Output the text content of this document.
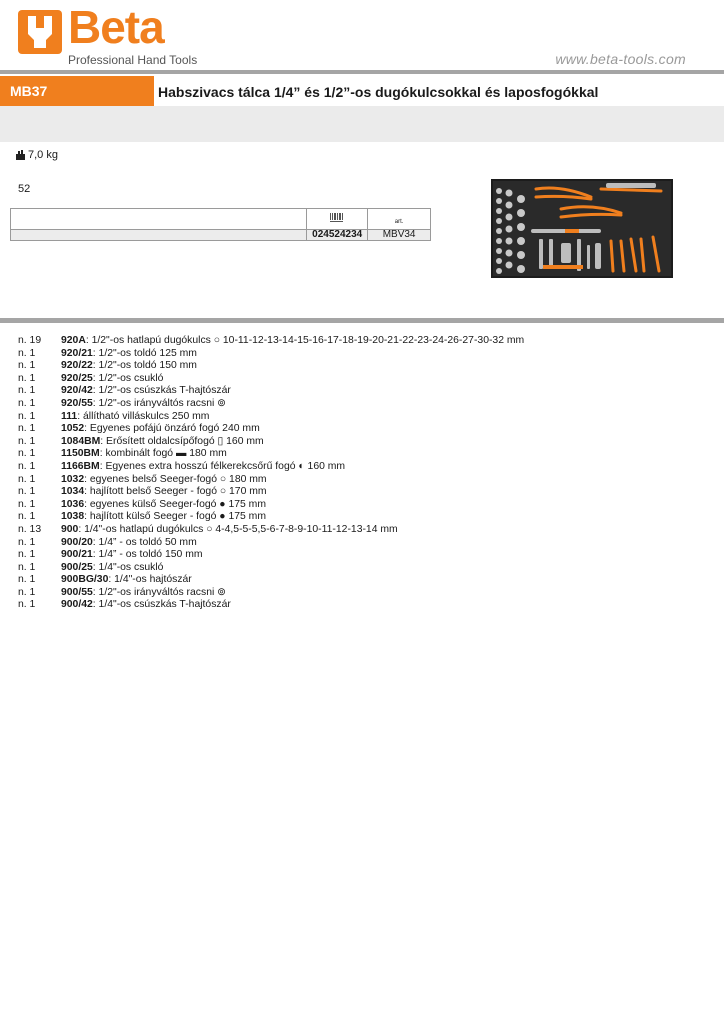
Beta
Professional Hand Tools	www.beta-tools.com
MB37	Habszivacs tálca 1/4” és 1/2”-os dugókulcsokkal és laposfogókkal
7,0 kg
52
		art.
	024524234	MBV34
n. 19	920A: 1/2"-os hatlapú dugókulcs ○ 10-11-12-13-14-15-16-17-18-19-20-21-22-23-24-26-27-30-32 mm
n. 1	920/21: 1/2"-os toldó 125 mm
n. 1	920/22: 1/2"-os toldó 150 mm
n. 1	920/25: 1/2"-os csukló
n. 1	920/42: 1/2"-os csúszkás T-hajtószár
n. 1	920/55: 1/2"-os irányváltós racsni ⊚
n. 1	111: állítható villáskulcs 250 mm
n. 1	1052: Egyenes pofájú önzáró fogó 240 mm
n. 1	1084BM: Erősített oldalcsípőfogó ▯ 160 mm
n. 1	1150BM: kombinált fogó ▬ 180 mm
n. 1	1166BM: Egyenes extra hosszú félkerekcsőrű fogó ◐ 160 mm
n. 1	1032: egyenes belső Seeger-fogó ○ 180 mm
n. 1	1034: hajlított belső Seeger - fogó ○ 170 mm
n. 1	1036: egyenes külső Seeger-fogó ● 175 mm
n. 1	1038: hajlított külső Seeger - fogó ● 175 mm
n. 13	900: 1/4"-os hatlapú dugókulcs ○ 4-4,5-5-5,5-6-7-8-9-10-11-12-13-14 mm
n. 1	900/20: 1/4” - os toldó 50 mm
n. 1	900/21: 1/4” - os toldó 150 mm
n. 1	900/25: 1/4"-os csukló
n. 1	900BG/30: 1/4"-os hajtószár
n. 1	900/55: 1/2"-os irányváltós racsni ⊚
n. 1	900/42: 1/4"-os csúszkás T-hajtószár
